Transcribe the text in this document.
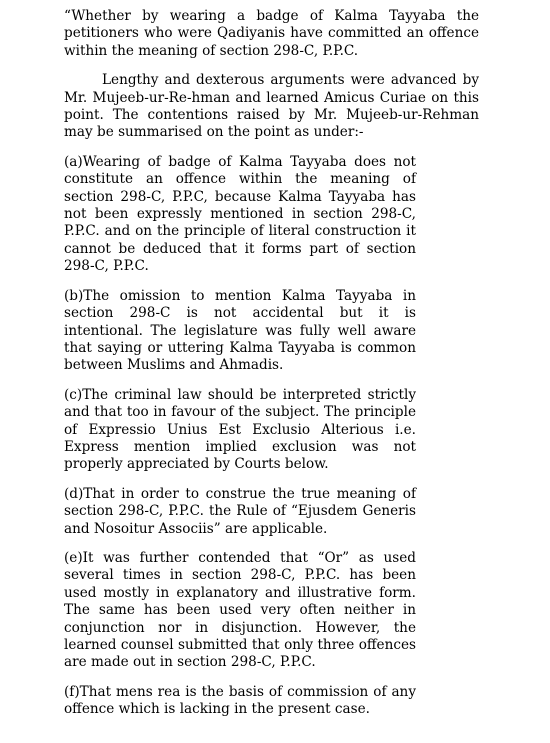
“Whether by wearing a badge of Kalma Tayyaba the petitioners who were Qadiyanis have committed an offence within the meaning of section 298-C, P.P.C.

Lengthy and dexterous arguments were advanced by Mr. Mujeeb-ur-Re-hman and learned Amicus Curiae on this point. The contentions raised by Mr. Mujeeb-ur-Rehman may be summarised on the point as under:-

(a)Wearing of badge of Kalma Tayyaba does not constitute an offence within the meaning of section 298-C, P.P.C, because Kalma Tayyaba has not been expressly mentioned in section 298-C, P.P.C. and on the principle of literal construction it cannot be deduced that it forms part of section 298-C, P.P.C.

(b)The omission to mention Kalma Tayyaba in section 298-C is not accidental but it is intentional. The legislature was fully well aware that saying or uttering Kalma Tayyaba is common between Muslims and Ahmadis.

(c)The criminal law should be interpreted strictly and that too in favour of the subject. The principle of Expressio Unius Est Exclusio Alterious i.e. Express mention implied exclusion was not properly appreciated by Courts below.

(d)That in order to construe the true meaning of section 298-C, P.P.C. the Rule of “Ejusdem Generis and Nosoitur Associis” are applicable.

(e)It was further contended that “Or” as used several times in section 298-C, P.P.C. has been used mostly in explanatory and illustrative form. The same has been used very often neither in conjunction nor in disjunction. However, the learned counsel submitted that only three offences are made out in section 298-C, P.P.C.

(f)That mens rea is the basis of commission of any offence which is lacking in the present case.
